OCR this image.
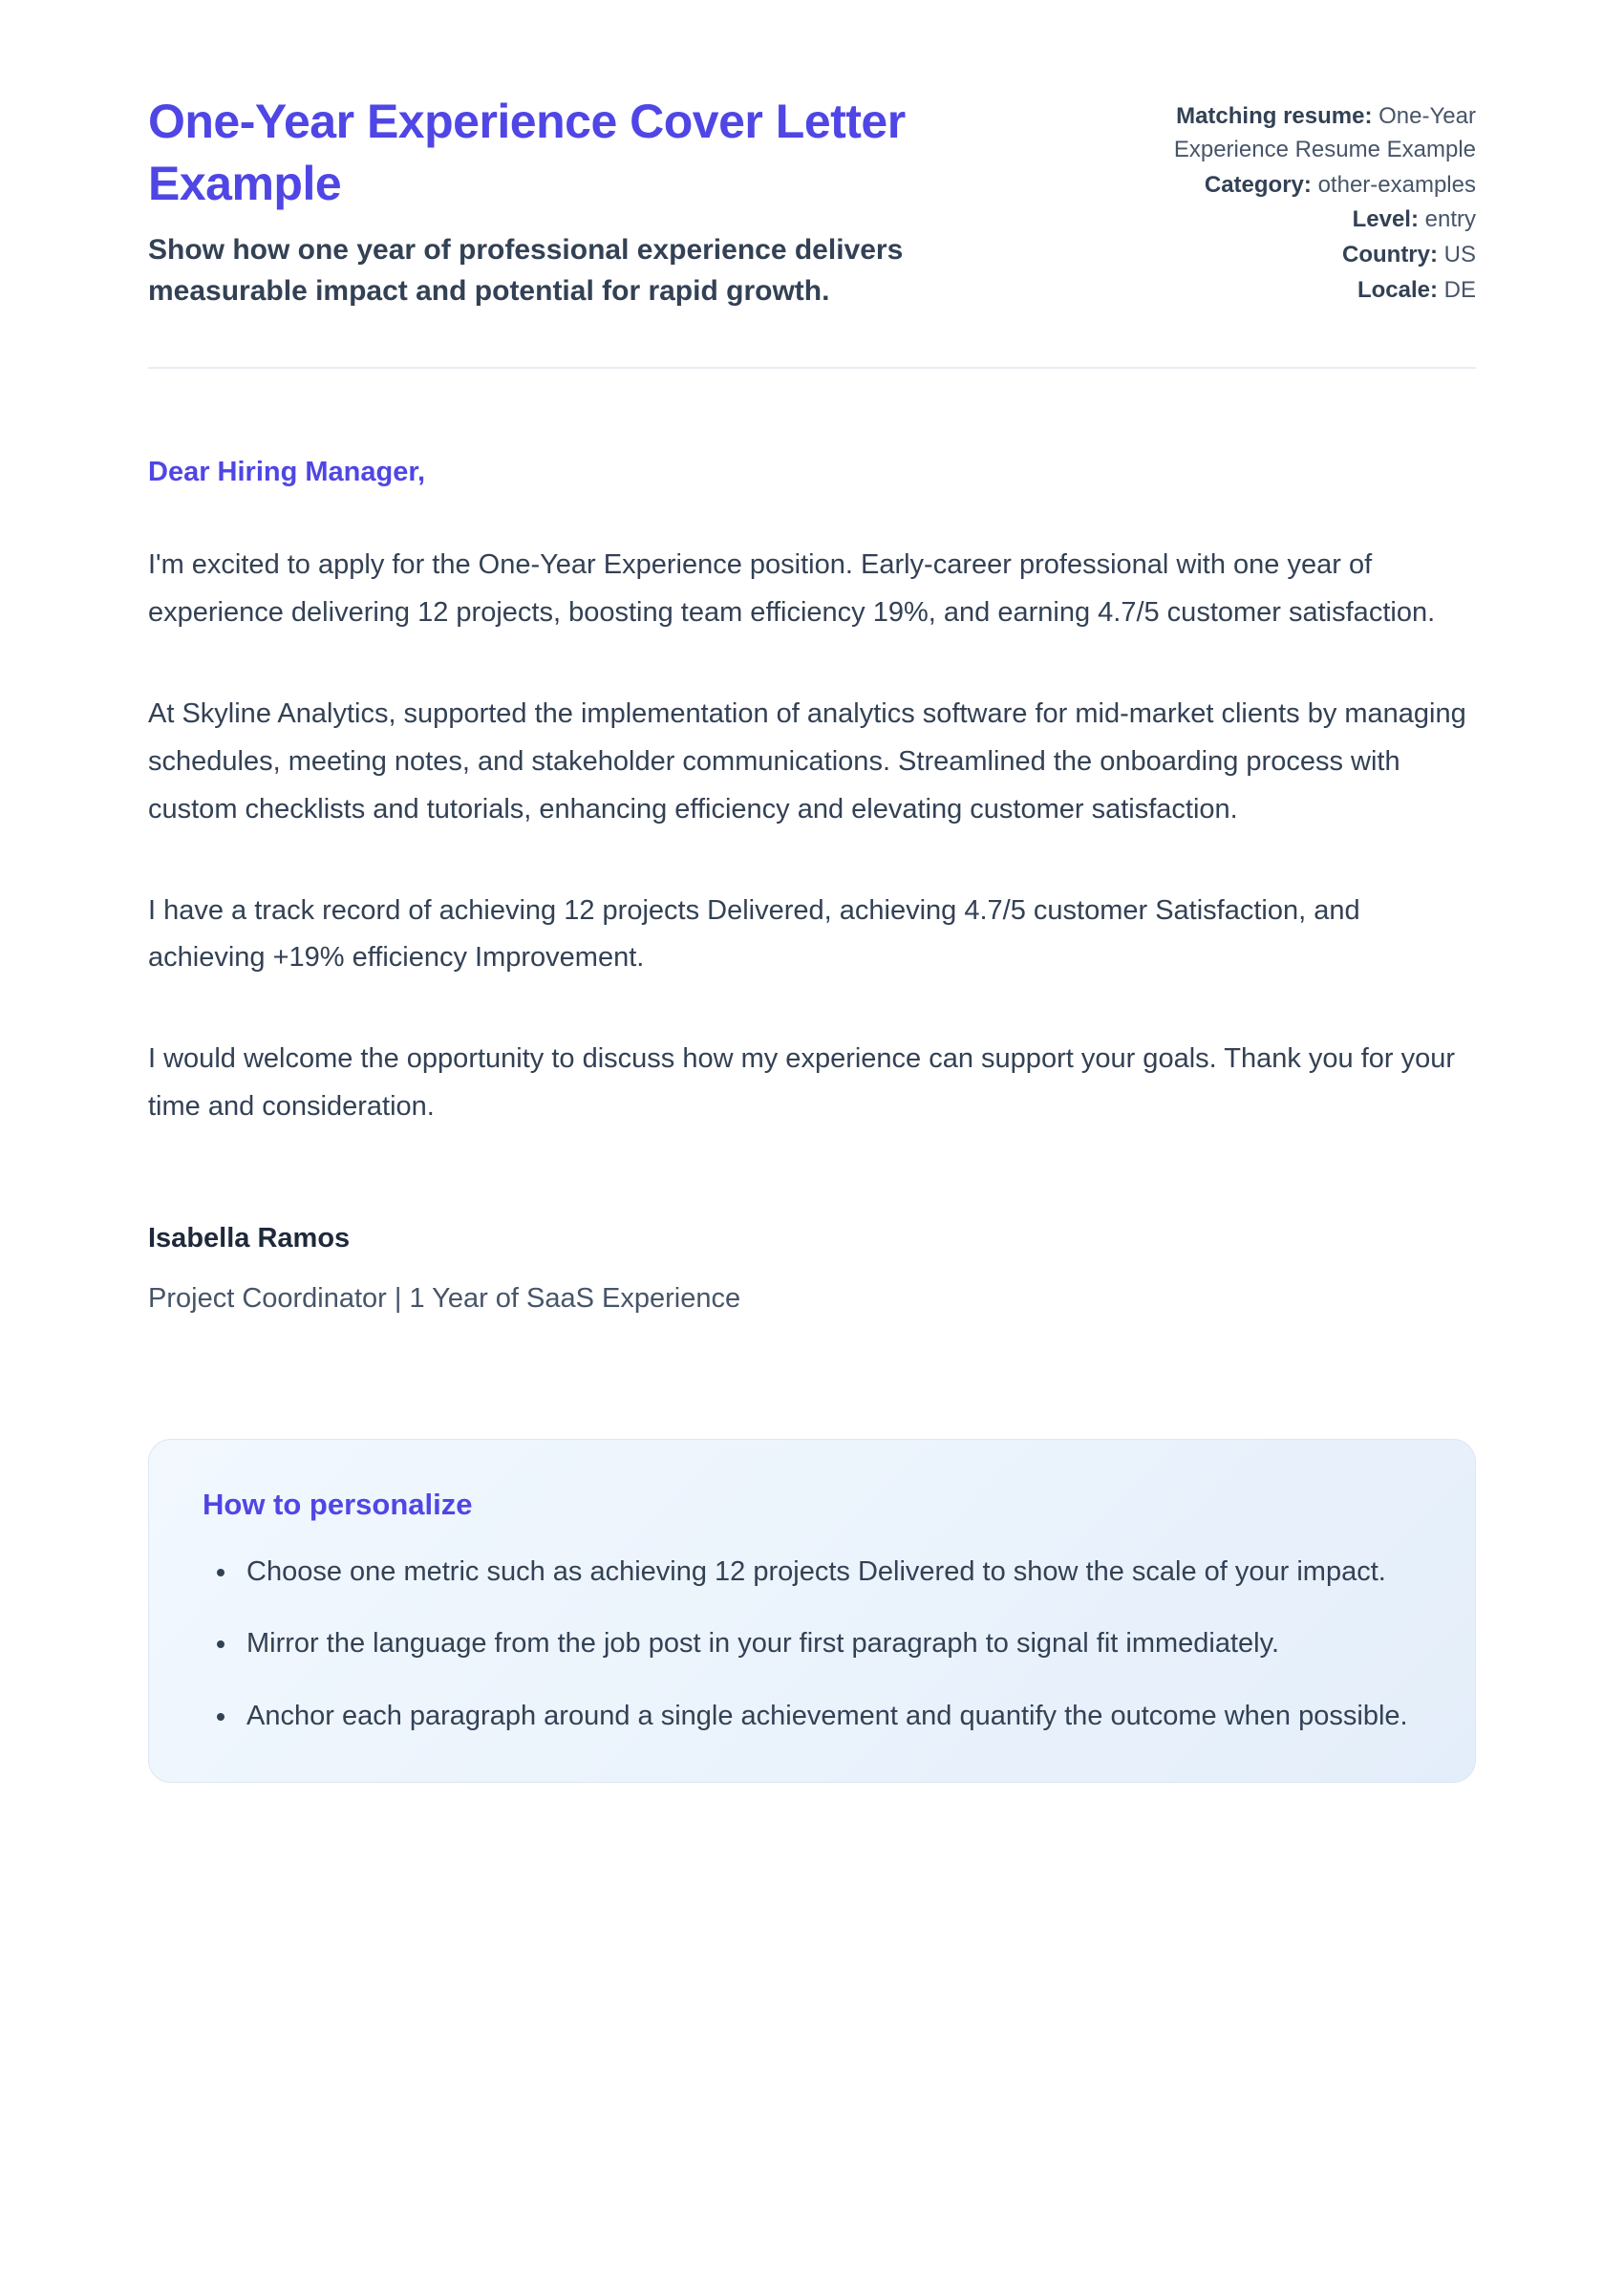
One-Year Experience Cover Letter Example

Show how one year of professional experience delivers measurable impact and potential for rapid growth.

Matching resume: One-Year Experience Resume Example
Category: other-examples
Level: entry
Country: US
Locale: DE

Dear Hiring Manager,

I'm excited to apply for the One-Year Experience position. Early-career professional with one year of experience delivering 12 projects, boosting team efficiency 19%, and earning 4.7/5 customer satisfaction.

At Skyline Analytics, supported the implementation of analytics software for mid-market clients by managing schedules, meeting notes, and stakeholder communications. Streamlined the onboarding process with custom checklists and tutorials, enhancing efficiency and elevating customer satisfaction.

I have a track record of achieving 12 projects Delivered, achieving 4.7/5 customer Satisfaction, and achieving +19% efficiency Improvement.

I would welcome the opportunity to discuss how my experience can support your goals. Thank you for your time and consideration.

Isabella Ramos

Project Coordinator | 1 Year of SaaS Experience

How to personalize
• Choose one metric such as achieving 12 projects Delivered to show the scale of your impact.
• Mirror the language from the job post in your first paragraph to signal fit immediately.
• Anchor each paragraph around a single achievement and quantify the outcome when possible.
